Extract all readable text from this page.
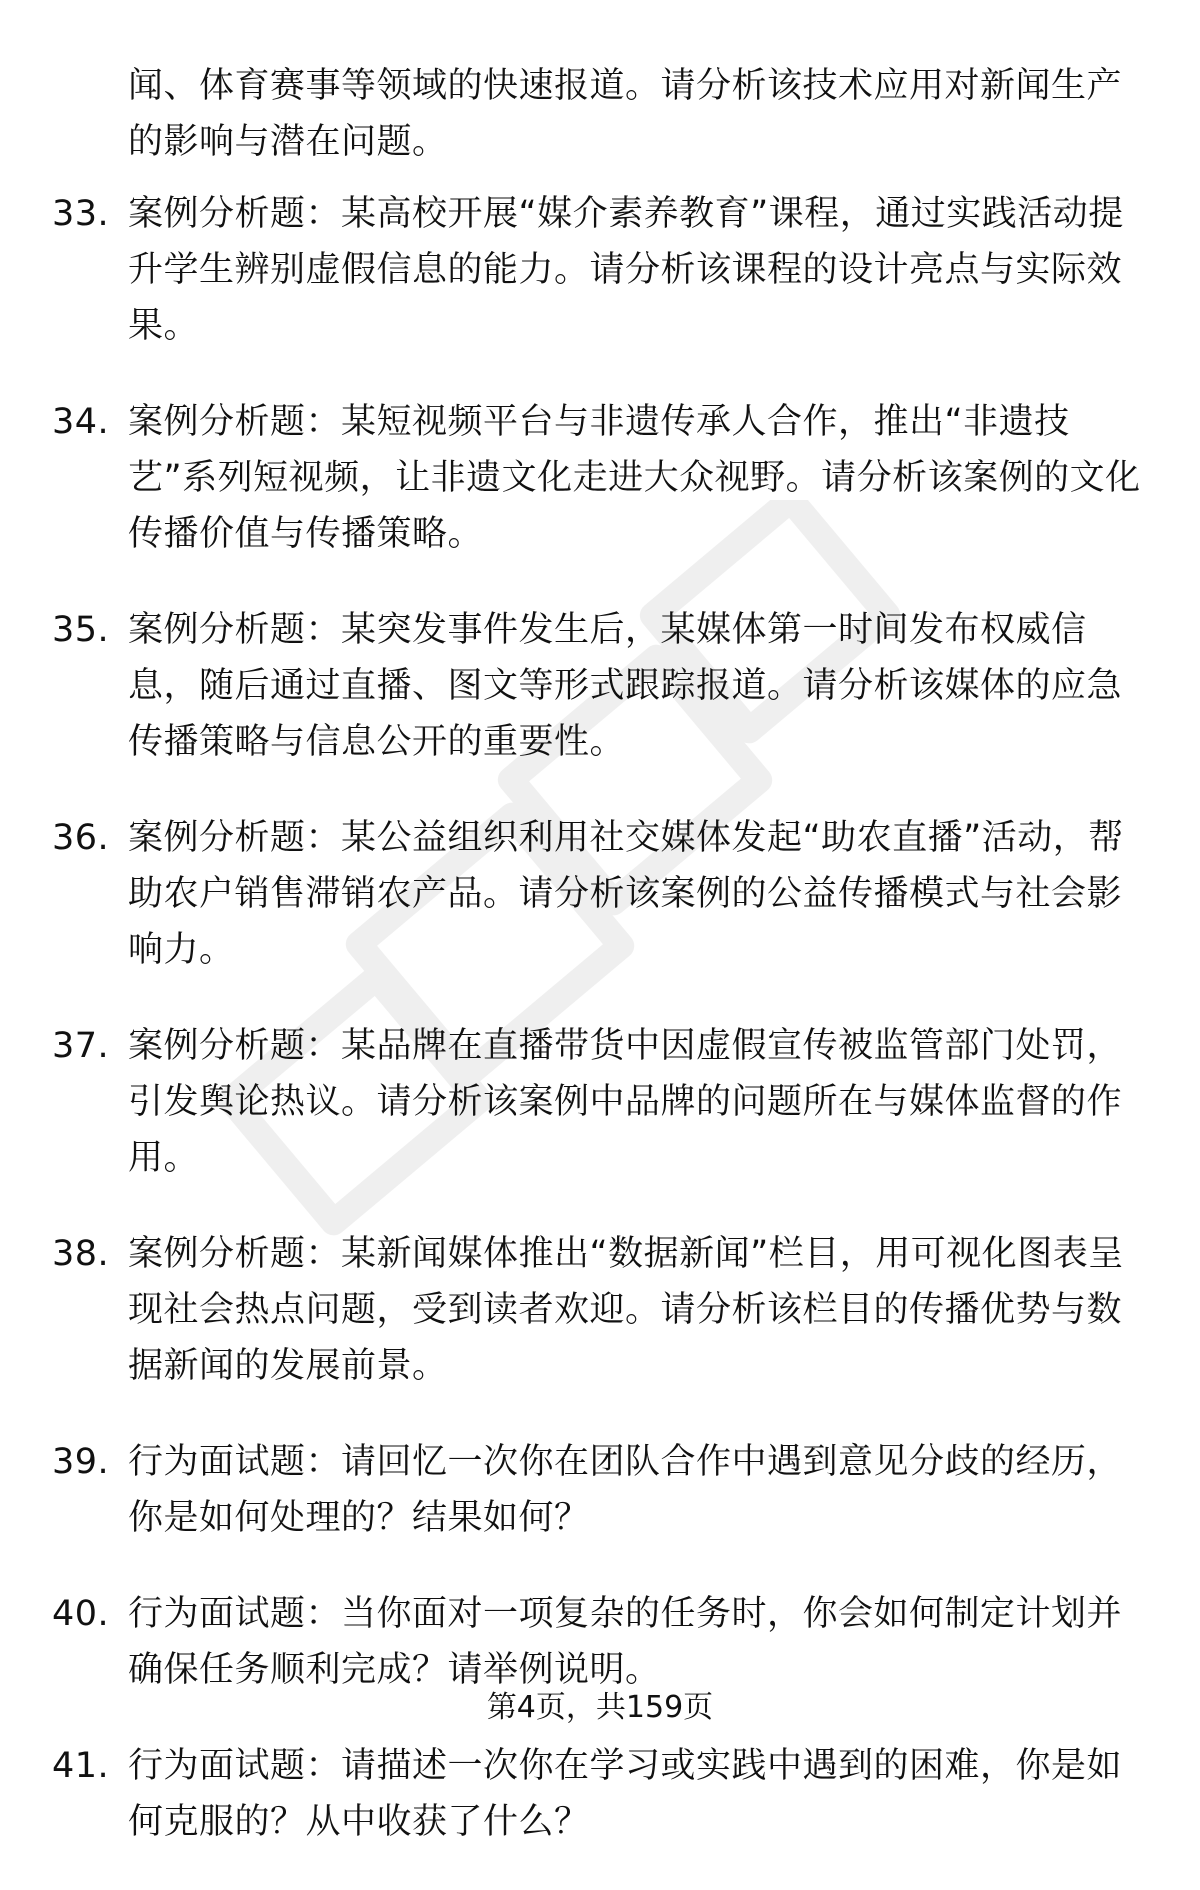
闻、体育赛事等领域的快速报道。请分析该技术应用对新闻生产的影响与潜在问题。
33. 案例分析题：某高校开展“媒介素养教育”课程，通过实践活动提升学生辨别虚假信息的能力。请分析该课程的设计亮点与实际效果。
34. 案例分析题：某短视频平台与非遗传承人合作，推出“非遗技艺”系列短视频，让非遗文化走进大众视野。请分析该案例的文化传播价值与传播策略。
35. 案例分析题：某突发事件发生后，某媒体第一时间发布权威信息，随后通过直播、图文等形式跟踪报道。请分析该媒体的应急传播策略与信息公开的重要性。
36. 案例分析题：某公益组织利用社交媒体发起“助农直播”活动，帮助农户销售滞销农产品。请分析该案例的公益传播模式与社会影响力。
37. 案例分析题：某品牌在直播带货中因虚假宣传被监管部门处罚，引发舆论热议。请分析该案例中品牌的问题所在与媒体监督的作用。
38. 案例分析题：某新闻媒体推出“数据新闻”栏目，用可视化图表呈现社会热点问题，受到读者欢迎。请分析该栏目的传播优势与数据新闻的发展前景。
39. 行为面试题：请回忆一次你在团队合作中遇到意见分歧的经历，你是如何处理的？结果如何？
40. 行为面试题：当你面对一项复杂的任务时，你会如何制定计划并确保任务顺利完成？请举例说明。
41. 行为面试题：请描述一次你在学习或实践中遇到的困难，你是如何克服的？从中收获了什么？
第4页，共159页
